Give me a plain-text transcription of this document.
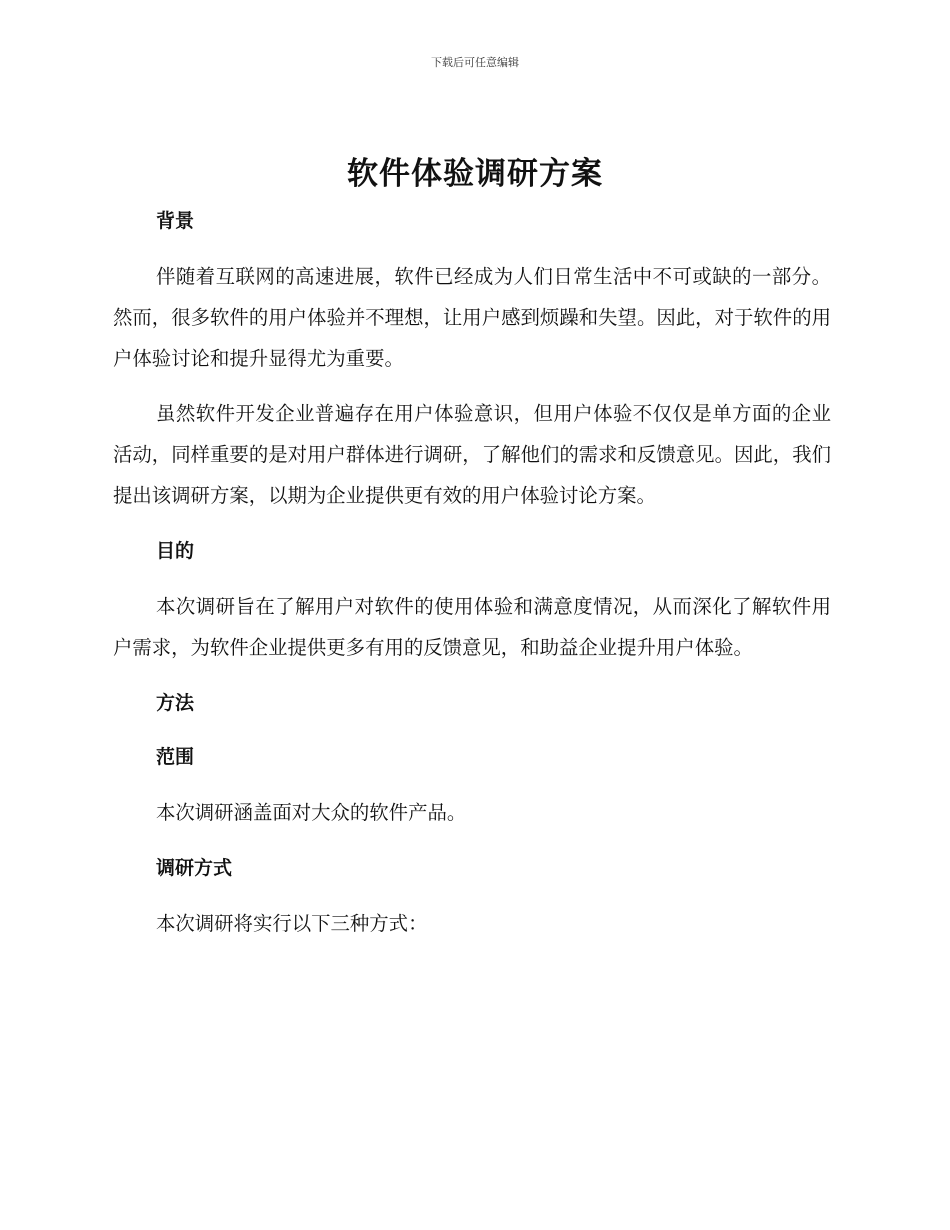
下载后可任意编辑
软件体验调研方案
背景

伴随着互联网的高速进展，软件已经成为人们日常生活中不可或缺的一部分。然而，很多软件的用户体验并不理想，让用户感到烦躁和失望。因此，对于软件的用户体验讨论和提升显得尤为重要。

虽然软件开发企业普遍存在用户体验意识，但用户体验不仅仅是单方面的企业活动，同样重要的是对用户群体进行调研，了解他们的需求和反馈意见。因此，我们提出该调研方案，以期为企业提供更有效的用户体验讨论方案。

目的

本次调研旨在了解用户对软件的使用体验和满意度情况，从而深化了解软件用户需求，为软件企业提供更多有用的反馈意见，和助益企业提升用户体验。

方法
范围

本次调研涵盖面对大众的软件产品。

调研方式

本次调研将实行以下三种方式：
